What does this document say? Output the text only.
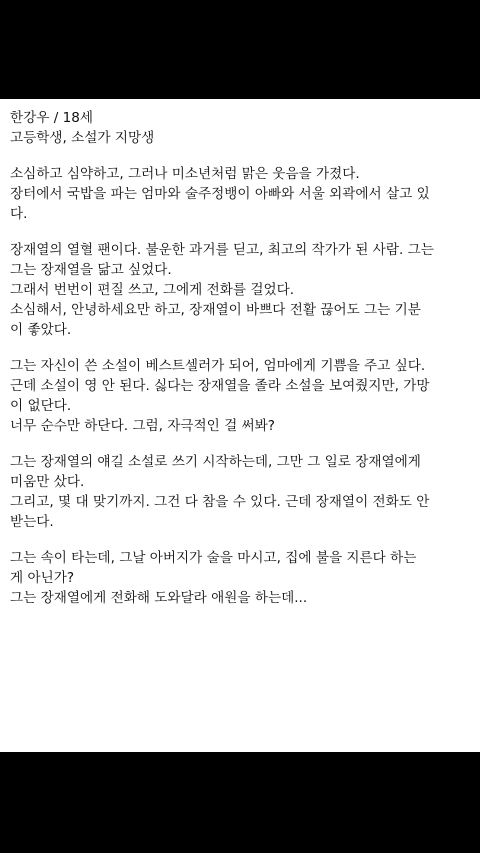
한강우 / 18세
고등학생, 소설가 지망생
소심하고 심약하고, 그러나 미소년처럼 맑은 웃음을 가졌다.
장터에서 국밥을 파는 엄마와 술주정뱅이 아빠와 서울 외곽에서 살고 있
다.
장재열의 열혈 팬이다. 불운한 과거를 딛고, 최고의 작가가 된 사람. 그는
그는 장재열을 닮고 싶었다.
그래서 번번이 편질 쓰고, 그에게 전화를 걸었다.
소심해서, 안녕하세요만 하고, 장재열이 바쁘다 전활 끊어도 그는 기분
이 좋았다.
그는 자신이 쓴 소설이 베스트셀러가 되어, 엄마에게 기쁨을 주고 싶다.
근데 소설이 영 안 된다. 싫다는 장재열을 졸라 소설을 보여줬지만, 가망
이 없단다.
너무 순수만 하단다. 그럼, 자극적인 걸 써봐?
그는 장재열의 얘길 소설로 쓰기 시작하는데, 그만 그 일로 장재열에게
미움만 샀다.
그리고, 몇 대 맞기까지. 그건 다 참을 수 있다. 근데 장재열이 전화도 안
받는다.
그는 속이 타는데, 그날 아버지가 술을 마시고, 집에 불을 지른다 하는
게 아닌가?
그는 장재열에게 전화해 도와달라 애원을 하는데...
